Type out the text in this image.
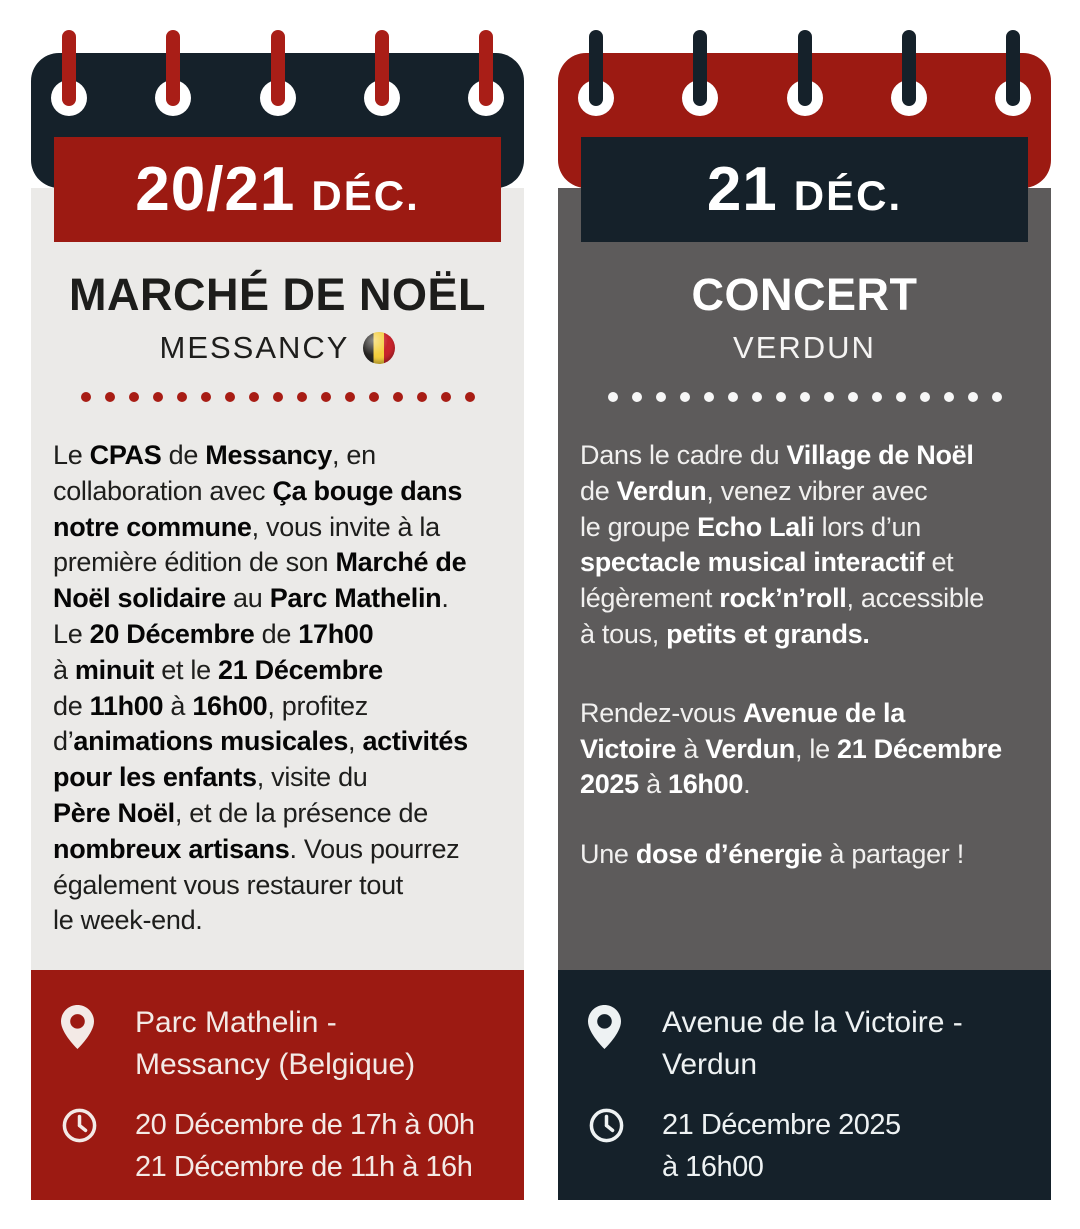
20/21 DÉC.
MARCHÉ DE NOËL
MESSANCY
Le CPAS de Messancy, en
collaboration avec Ça bouge dans
notre commune, vous invite à la
première édition de son Marché de
Noël solidaire au Parc Mathelin.
Le 20 Décembre de 17h00
à minuit et le 21 Décembre
de 11h00 à 16h00, profitez
d’animations musicales, activités
pour les enfants, visite du
Père Noël, et de la présence de
nombreux artisans. Vous pourrez
également vous restaurer tout
le week-end.
Parc Mathelin -
Messancy (Belgique)
20 Décembre de 17h à 00h
21 Décembre de 11h à 16h
21 DÉC.
CONCERT
VERDUN
Dans le cadre du Village de Noël
de Verdun, venez vibrer avec
le groupe Echo Lali lors d’un
spectacle musical interactif et
légèrement rock’n’roll, accessible
à tous, petits et grands.
Rendez-vous Avenue de la
Victoire à Verdun, le 21 Décembre
2025 à 16h00.
Une dose d’énergie à partager !
Avenue de la Victoire -
Verdun
21 Décembre 2025
à 16h00
